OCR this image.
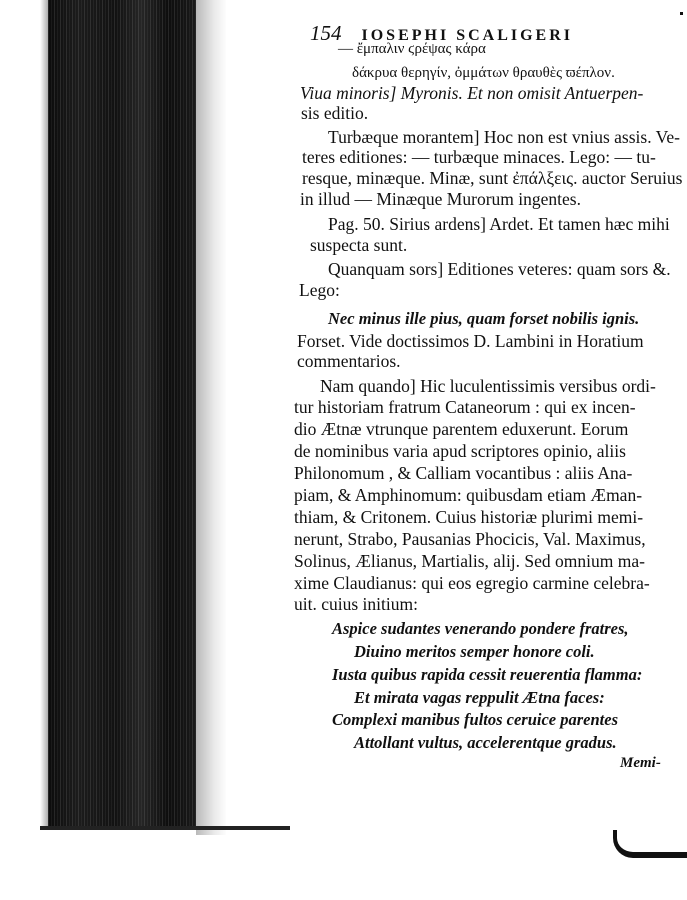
154 IOSEPHI SCALIGERI
— ἔμπαλιν ϛρέψας κάρα
δάκρυα θερηγίν, ὀμμάτων θραυθὲς ϖέπλον.
Viua minoris] Myronis. Et non omisit Antuerpen-
sis editio.
Turbæque morantem] Hoc non est vnius assis. Ve-
teres editiones: — turbæque minaces. Lego: — tu-
resque, minæque. Minæ, sunt ἐπάλξεις. auctor Seruius
in illud — Minæque Murorum ingentes.
Pag. 50. Sirius ardens] Ardet. Et tamen hæc mihi
suspecta sunt.
Quanquam sors] Editiones veteres: quam sors &.
Lego:
Nec minus ille pius, quam forset nobilis ignis.
Forset. Vide doctissimos D. Lambini in Horatium
commentarios.
Nam quando] Hic luculentissimis versibus ordi-
tur historiam fratrum Cataneorum : qui ex incen-
dio Ætnæ vtrunque parentem eduxerunt. Eorum
de nominibus varia apud scriptores opinio, aliis
Philonomum , & Calliam vocantibus : aliis Ana-
piam, & Amphinomum: quibusdam etiam Æman-
thiam, & Critonem. Cuius historiæ plurimi memi-
nerunt, Strabo, Pausanias Phocicis, Val. Maximus,
Solinus, Ælianus, Martialis, alij. Sed omnium ma-
xime Claudianus: qui eos egregio carmine celebra-
uit. cuius initium:
Aspice sudantes venerando pondere fratres,
Diuino meritos semper honore coli.
Iusta quibus rapida cessit reuerentia flamma:
Et mirata vagas reppulit Ætna faces:
Complexi manibus fultos ceruice parentes
Attollant vultus, accelerentque gradus.
Memi-
